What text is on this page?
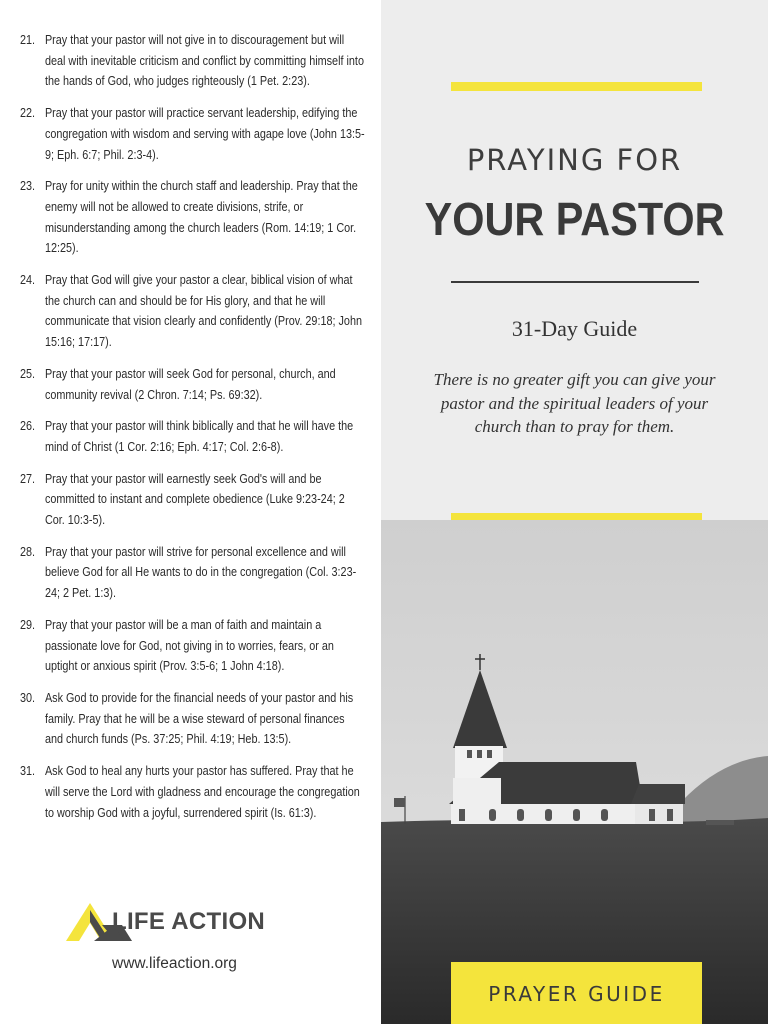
21. Pray that your pastor will not give in to discouragement but will deal with inevitable criticism and conflict by committing himself into the hands of God, who judges righteously (1 Pet. 2:23).
22. Pray that your pastor will practice servant leadership, edifying the congregation with wisdom and serving with agape love (John 13:5-9; Eph. 6:7; Phil. 2:3-4).
23. Pray for unity within the church staff and leadership. Pray that the enemy will not be allowed to create divisions, strife, or misunderstanding among the church leaders (Rom. 14:19; 1 Cor. 12:25).
24. Pray that God will give your pastor a clear, biblical vision of what the church can and should be for His glory, and that he will communicate that vision clearly and confidently (Prov. 29:18; John 15:16; 17:17).
25. Pray that your pastor will seek God for personal, church, and community revival (2 Chron. 7:14; Ps. 69:32).
26. Pray that your pastor will think biblically and that he will have the mind of Christ (1 Cor. 2:16; Eph. 4:17; Col. 2:6-8).
27. Pray that your pastor will earnestly seek God's will and be committed to instant and complete obedience (Luke 9:23-24; 2 Cor. 10:3-5).
28. Pray that your pastor will strive for personal excellence and will believe God for all He wants to do in the congregation (Col. 3:23-24; 2 Pet. 1:3).
29. Pray that your pastor will be a man of faith and maintain a passionate love for God, not giving in to worries, fears, or an uptight or anxious spirit (Prov. 3:5-6; 1 John 4:18).
30. Ask God to provide for the financial needs of your pastor and his family. Pray that he will be a wise steward of personal finances and church funds (Ps. 37:25; Phil. 4:19; Heb. 13:5).
31. Ask God to heal any hurts your pastor has suffered. Pray that he will serve the Lord with gladness and encourage the congregation to worship God with a joyful, surrendered spirit (Is. 61:3).
LIFE ACTION
www.lifeaction.org
PRAYING FOR
YOUR PASTOR
31-Day Guide
There is no greater gift you can give your pastor and the spiritual leaders of your church than to pray for them.
PRAYER GUIDE
